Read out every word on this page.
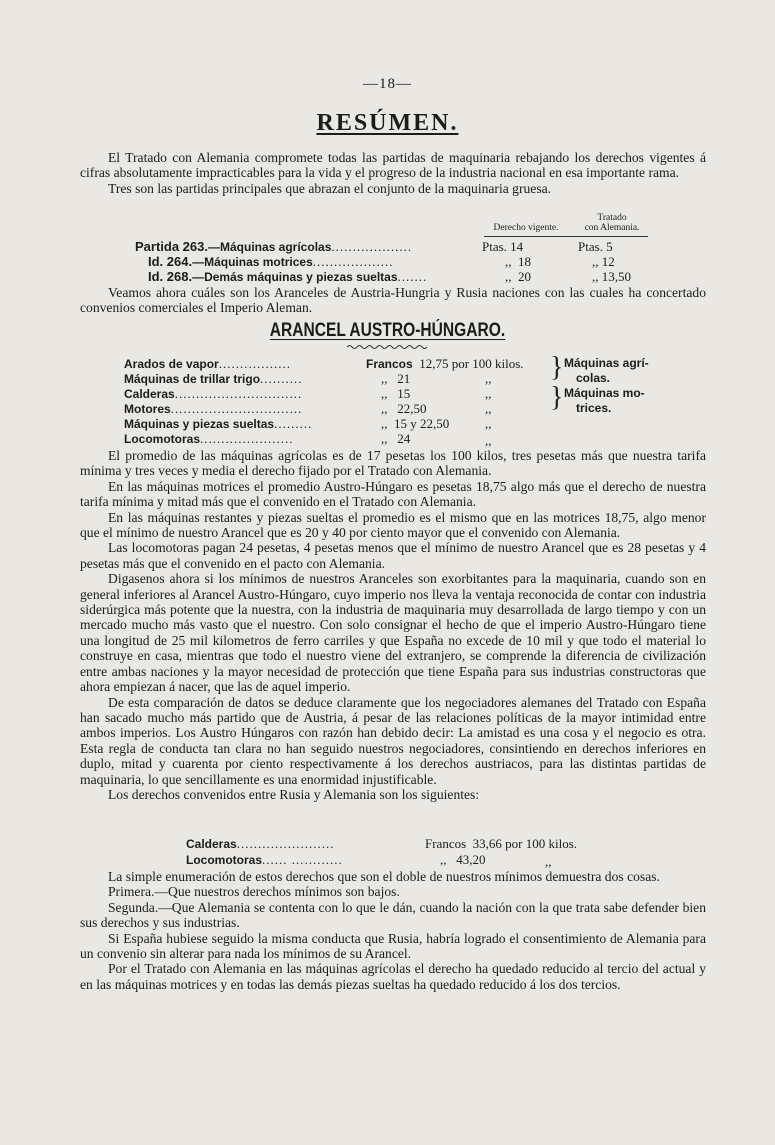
—18—
RESÚMEN.

El Tratado con Alemania compromete todas las partidas de maquinaria rebajando los derechos vigentes á cifras absolutamente impracticables para la vida y el progreso de la industria nacional en esa importante rama.

Tres son las partidas principales que abrazan el conjunto de la maquinaria gruesa.

Derecho vigente.
Tratado
con Alemania.
Partida 263.—Máquinas agrícolas...................	Ptas. 14	Ptas. 5
Id. 264.—Máquinas motrices...................	,, 18	,, 12
Id. 268.—Demás máquinas y piezas sueltas.......	,, 20	,, 13,50

Veamos ahora cuáles son los Aranceles de Austria-Hungria y Rusia naciones con las cuales ha concertado convenios comerciales el Imperio Aleman.

ARANCEL AUSTRO-HÚNGARO.
Arados de vapor.................	Francos 12,75 por 100 kilos.
Máquinas de trillar trigo..........	,, 21	,,
Calderas..............................	,, 15	,,
Motores...............................	,, 22,50	,,
Máquinas y piezas sueltas.........	,, 15 y 22,50	,,
Locomotoras......................	,, 24	,,
}
}
Máquinas agrí-
colas.
Máquinas mo-
trices.

El promedio de las máquinas agrícolas es de 17 pesetas los 100 kilos, tres pesetas más que nuestra tarifa mínima y tres veces y media el derecho fijado por el Tratado con Alemania.

En las máquinas motrices el promedio Austro-Húngaro es pesetas 18,75 algo más que el derecho de nuestra tarifa mínima y mitad más que el convenido en el Tratado con Alemania.

En las máquinas restantes y piezas sueltas el promedio es el mismo que en las motrices 18,75, algo menor que el mínimo de nuestro Arancel que es 20 y 40 por ciento mayor que el convenido con Alemania.

Las locomotoras pagan 24 pesetas, 4 pesetas menos que el mínimo de nuestro Arancel que es 28 pesetas y 4 pesetas más que el convenido en el pacto con Alemania.

Digasenos ahora si los mínimos de nuestros Aranceles son exorbitantes para la maquinaria, cuando son en general inferiores al Arancel Austro-Húngaro, cuyo imperio nos lleva la ventaja reconocida de contar con industria siderúrgica más potente que la nuestra, con la industria de maquinaria muy desarrollada de largo tiempo y con un mercado mucho más vasto que el nuestro. Con solo consignar el hecho de que el imperio Austro-Húngaro tiene una longitud de 25 mil kilometros de ferro carriles y que España no excede de 10 mil y que todo el material lo construye en casa, mientras que todo el nuestro viene del extranjero, se comprende la diferencia de civilización entre ambas naciones y la mayor necesidad de protección que tiene España para sus industrias constructoras que ahora empiezan á nacer, que las de aquel imperio.

De esta comparación de datos se deduce claramente que los negociadores alemanes del Tratado con España han sacado mucho más partido que de Austria, á pesar de las relaciones políticas de la mayor intimidad entre ambos imperios. Los Austro Húngaros con razón han debido decir: La amistad es una cosa y el negocio es otra. Esta regla de conducta tan clara no han seguido nuestros negociadores, consintiendo en derechos inferiores en duplo, mitad y cuarenta por ciento respectivamente á los derechos austriacos, para las distintas partidas de maquinaria, lo que sencillamente es una enormidad injustificable.

Los derechos convenidos entre Rusia y Alemania son los siguientes:

Calderas.......................	Francos 33,66 por 100 kilos.
Locomotoras...... ............	,, 43,20	,,

La simple enumeración de estos derechos que son el doble de nuestros mínimos demuestra dos cosas.

Primera.—Que nuestros derechos mínimos son bajos.

Segunda.—Que Alemania se contenta con lo que le dán, cuando la nación con la que trata sabe defender bien sus derechos y sus industrias.

Si España hubiese seguido la misma conducta que Rusia, habría logrado el consentimiento de Alemania para un convenio sin alterar para nada los mínimos de su Arancel.

Por el Tratado con Alemania en las máquinas agrícolas el derecho ha quedado reducido al tercio del actual y en las máquinas motrices y en todas las demás piezas sueltas ha quedado reducido á los dos tercios.
